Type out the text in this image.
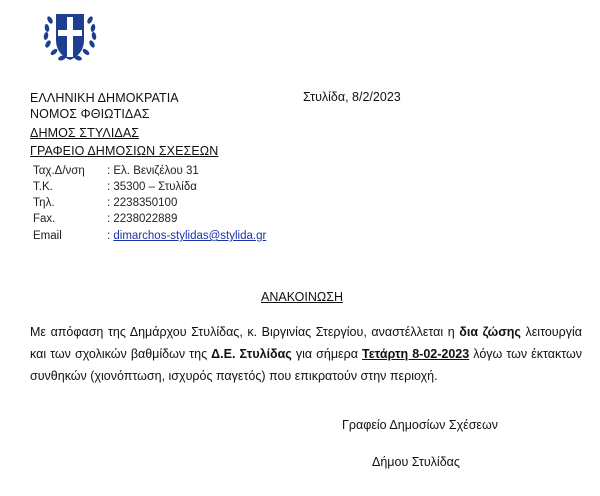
ΕΛΛΗΝΙΚΗ ΔΗΜΟΚΡΑΤΙΑ
ΝΟΜΟΣ ΦΘΙΩΤΙΔΑΣ
ΔΗΜΟΣ ΣΤΥΛΙΔΑΣ
ΓΡΑΦΕΙΟ ΔΗΜΟΣΙΩΝ ΣΧΕΣΕΩΝ
Στυλίδα, 8/2/2023
Ταχ.Δ/νση : Ελ. Βενιζέλου 31
Τ.Κ.	: 35300 – Στυλίδα
Τηλ.	: 2238350100
Fax.	: 2238022889
Email	: dimarchos-stylidas@stylida.gr
ΑΝΑΚΟΙΝΩΣΗ
Με απόφαση της Δημάρχου Στυλίδας, κ. Βιργινίας Στεργίου, αναστέλλεται η δια ζώσης λειτουργία και των σχολικών βαθμίδων της Δ.Ε. Στυλίδας για σήμερα Τετάρτη 8-02-2023 λόγω των έκτακτων συνθηκών (χιονόπτωση, ισχυρός παγετός) που επικρατούν στην περιοχή.
Γραφείο Δημοσίων Σχέσεων
Δήμου Στυλίδας
